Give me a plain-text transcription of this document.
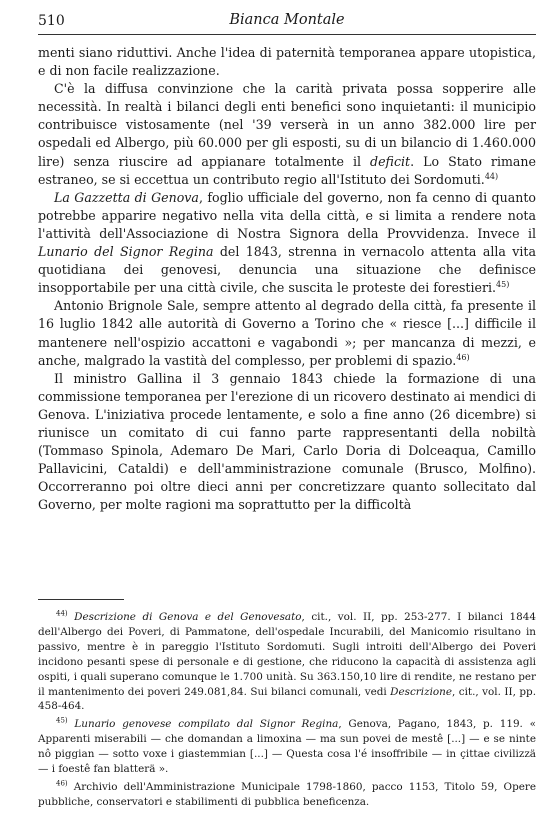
510	Bianca Montale

menti siano riduttivi. Anche l'idea di paternità temporanea appare utopistica, e di non facile realizzazione.

C'è la diffusa convinzione che la carità privata possa sopperire alle necessità. In realtà i bilanci degli enti benefici sono inquietanti: il municipio contribuisce vistosamente (nel '39 verserà in un anno 382.000 lire per ospedali ed Albergo, più 60.000 per gli esposti, su di un bilancio di 1.460.000 lire) senza riuscire ad appianare totalmente il deficit. Lo Stato rimane estraneo, se si eccettua un contributo regio all'Istituto dei Sordomuti.$^{44)}$

La Gazzetta di Genova, foglio ufficiale del governo, non fa cenno di quanto potrebbe apparire negativo nella vita della città, e si limita a rendere nota l'attività dell'Associazione di Nostra Signora della Provvidenza. Invece il Lunario del Signor Regina del 1843, strenna in vernacolo attenta alla vita quotidiana dei genovesi, denuncia una situazione che definisce insopportabile per una città civile, che suscita le proteste dei forestieri.$^{45)}$

Antonio Brignole Sale, sempre attento al degrado della città, fa presente il 16 luglio 1842 alle autorità di Governo a Torino che « riesce [...] difficile il mantenere nell'ospizio accattoni e vagabondi »; per mancanza di mezzi, e anche, malgrado la vastità del complesso, per problemi di spazio.$^{46)}$

Il ministro Gallina il 3 gennaio 1843 chiede la formazione di una commissione temporanea per l'erezione di un ricovero destinato ai mendici di Genova. L'iniziativa procede lentamente, e solo a fine anno (26 dicembre) si riunisce un comitato di cui fanno parte rappresentanti della nobiltà (Tommaso Spinola, Ademaro De Mari, Carlo Doria di Dolceaqua, Camillo Pallavicini, Cataldi) e dell'amministrazione comunale (Brusco, Molfino). Occorreranno poi oltre dieci anni per concretizzare quanto sollecitato dal Governo, per molte ragioni ma soprattutto per la difficoltà

$^{44)}$ Descrizione di Genova e del Genovesato, cit., vol. II, pp. 253-277. I bilanci 1844 dell'Albergo dei Poveri, di Pammatone, dell'ospedale Incurabili, del Manicomio risultano in passivo, mentre è in pareggio l'Istituto Sordomuti. Sugli introiti dell'Albergo dei Poveri incidono pesanti spese di personale e di gestione, che riducono la capacità di assistenza agli ospiti, i quali superano comunque le 1.700 unità. Su 363.150,10 lire di rendite, ne restano per il mantenimento dei poveri 249.081,84. Sui bilanci comunali, vedi Descrizione, cit., vol. II, pp. 458-464.

$^{45)}$ Lunario genovese compilato dal Signor Regina, Genova, Pagano, 1843, p. 119. « Apparenti miserabili — che domandan a limoxina — ma sun povei de mestê [...] — e se ninte nô piggian — sotto voxe i giastemmian [...] — Questa cosa l'é insoffribile — in çittae civilizzä — i foestê fan blatterä ».

$^{46)}$ Archivio dell'Amministrazione Municipale 1798-1860, pacco 1153, Titolo 59, Opere pubbliche, conservatori e stabilimenti di pubblica beneficenza.
